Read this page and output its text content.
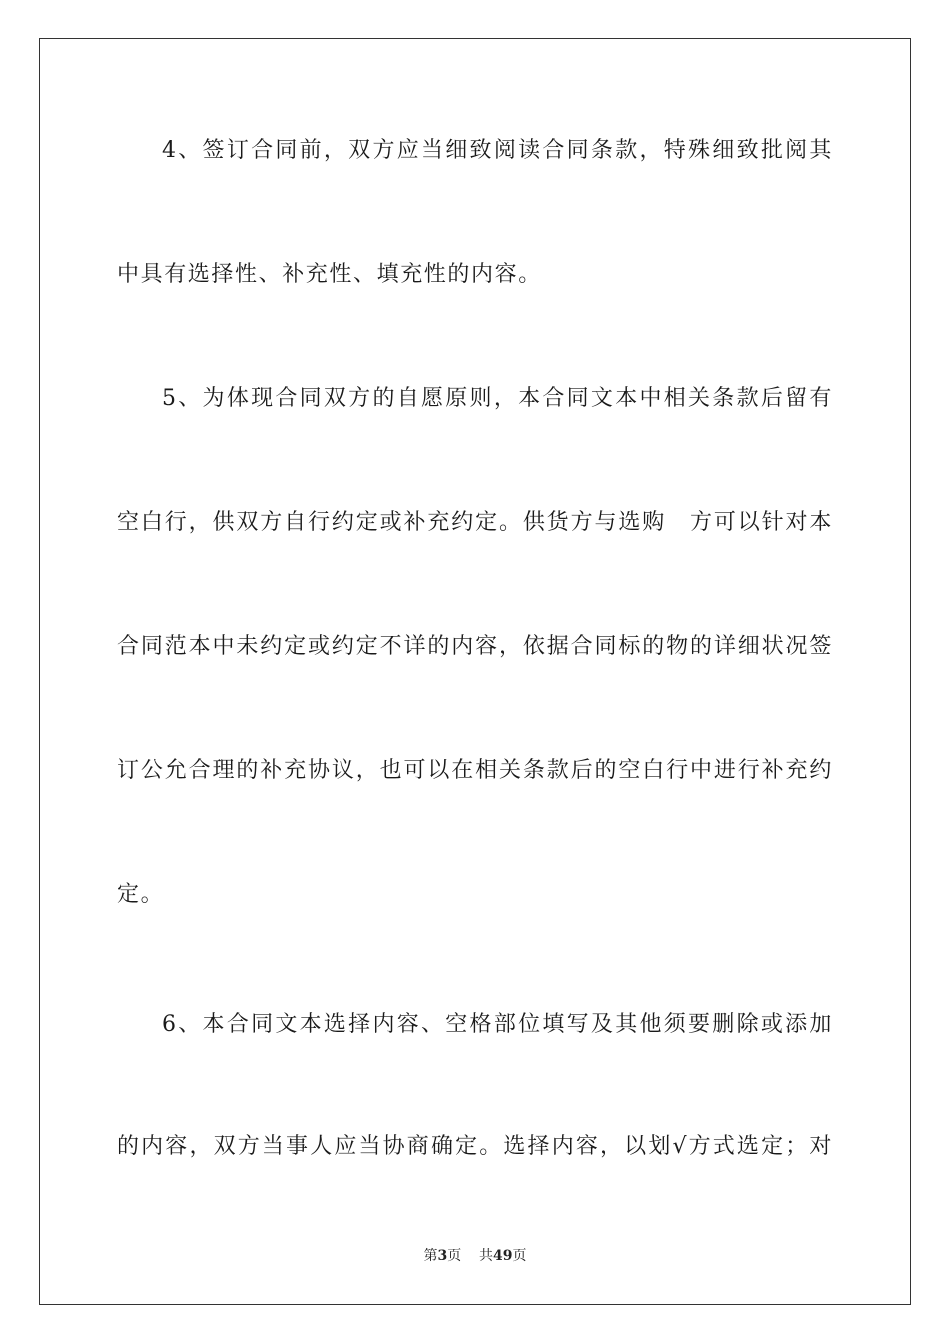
4、签订合同前，双方应当细致阅读合同条款，特殊细致批阅其
中具有选择性、补充性、填充性的内容。
5、为体现合同双方的自愿原则，本合同文本中相关条款后留有
空白行，供双方自行约定或补充约定。供货方与选购　方可以针对本
合同范本中未约定或约定不详的内容，依据合同标的物的详细状况签
订公允合理的补充协议，也可以在相关条款后的空白行中进行补充约
定。
6、本合同文本选择内容、空格部位填写及其他须要删除或添加
的内容，双方当事人应当协商确定。选择内容，以划√方式选定；对
第3页 共49页
